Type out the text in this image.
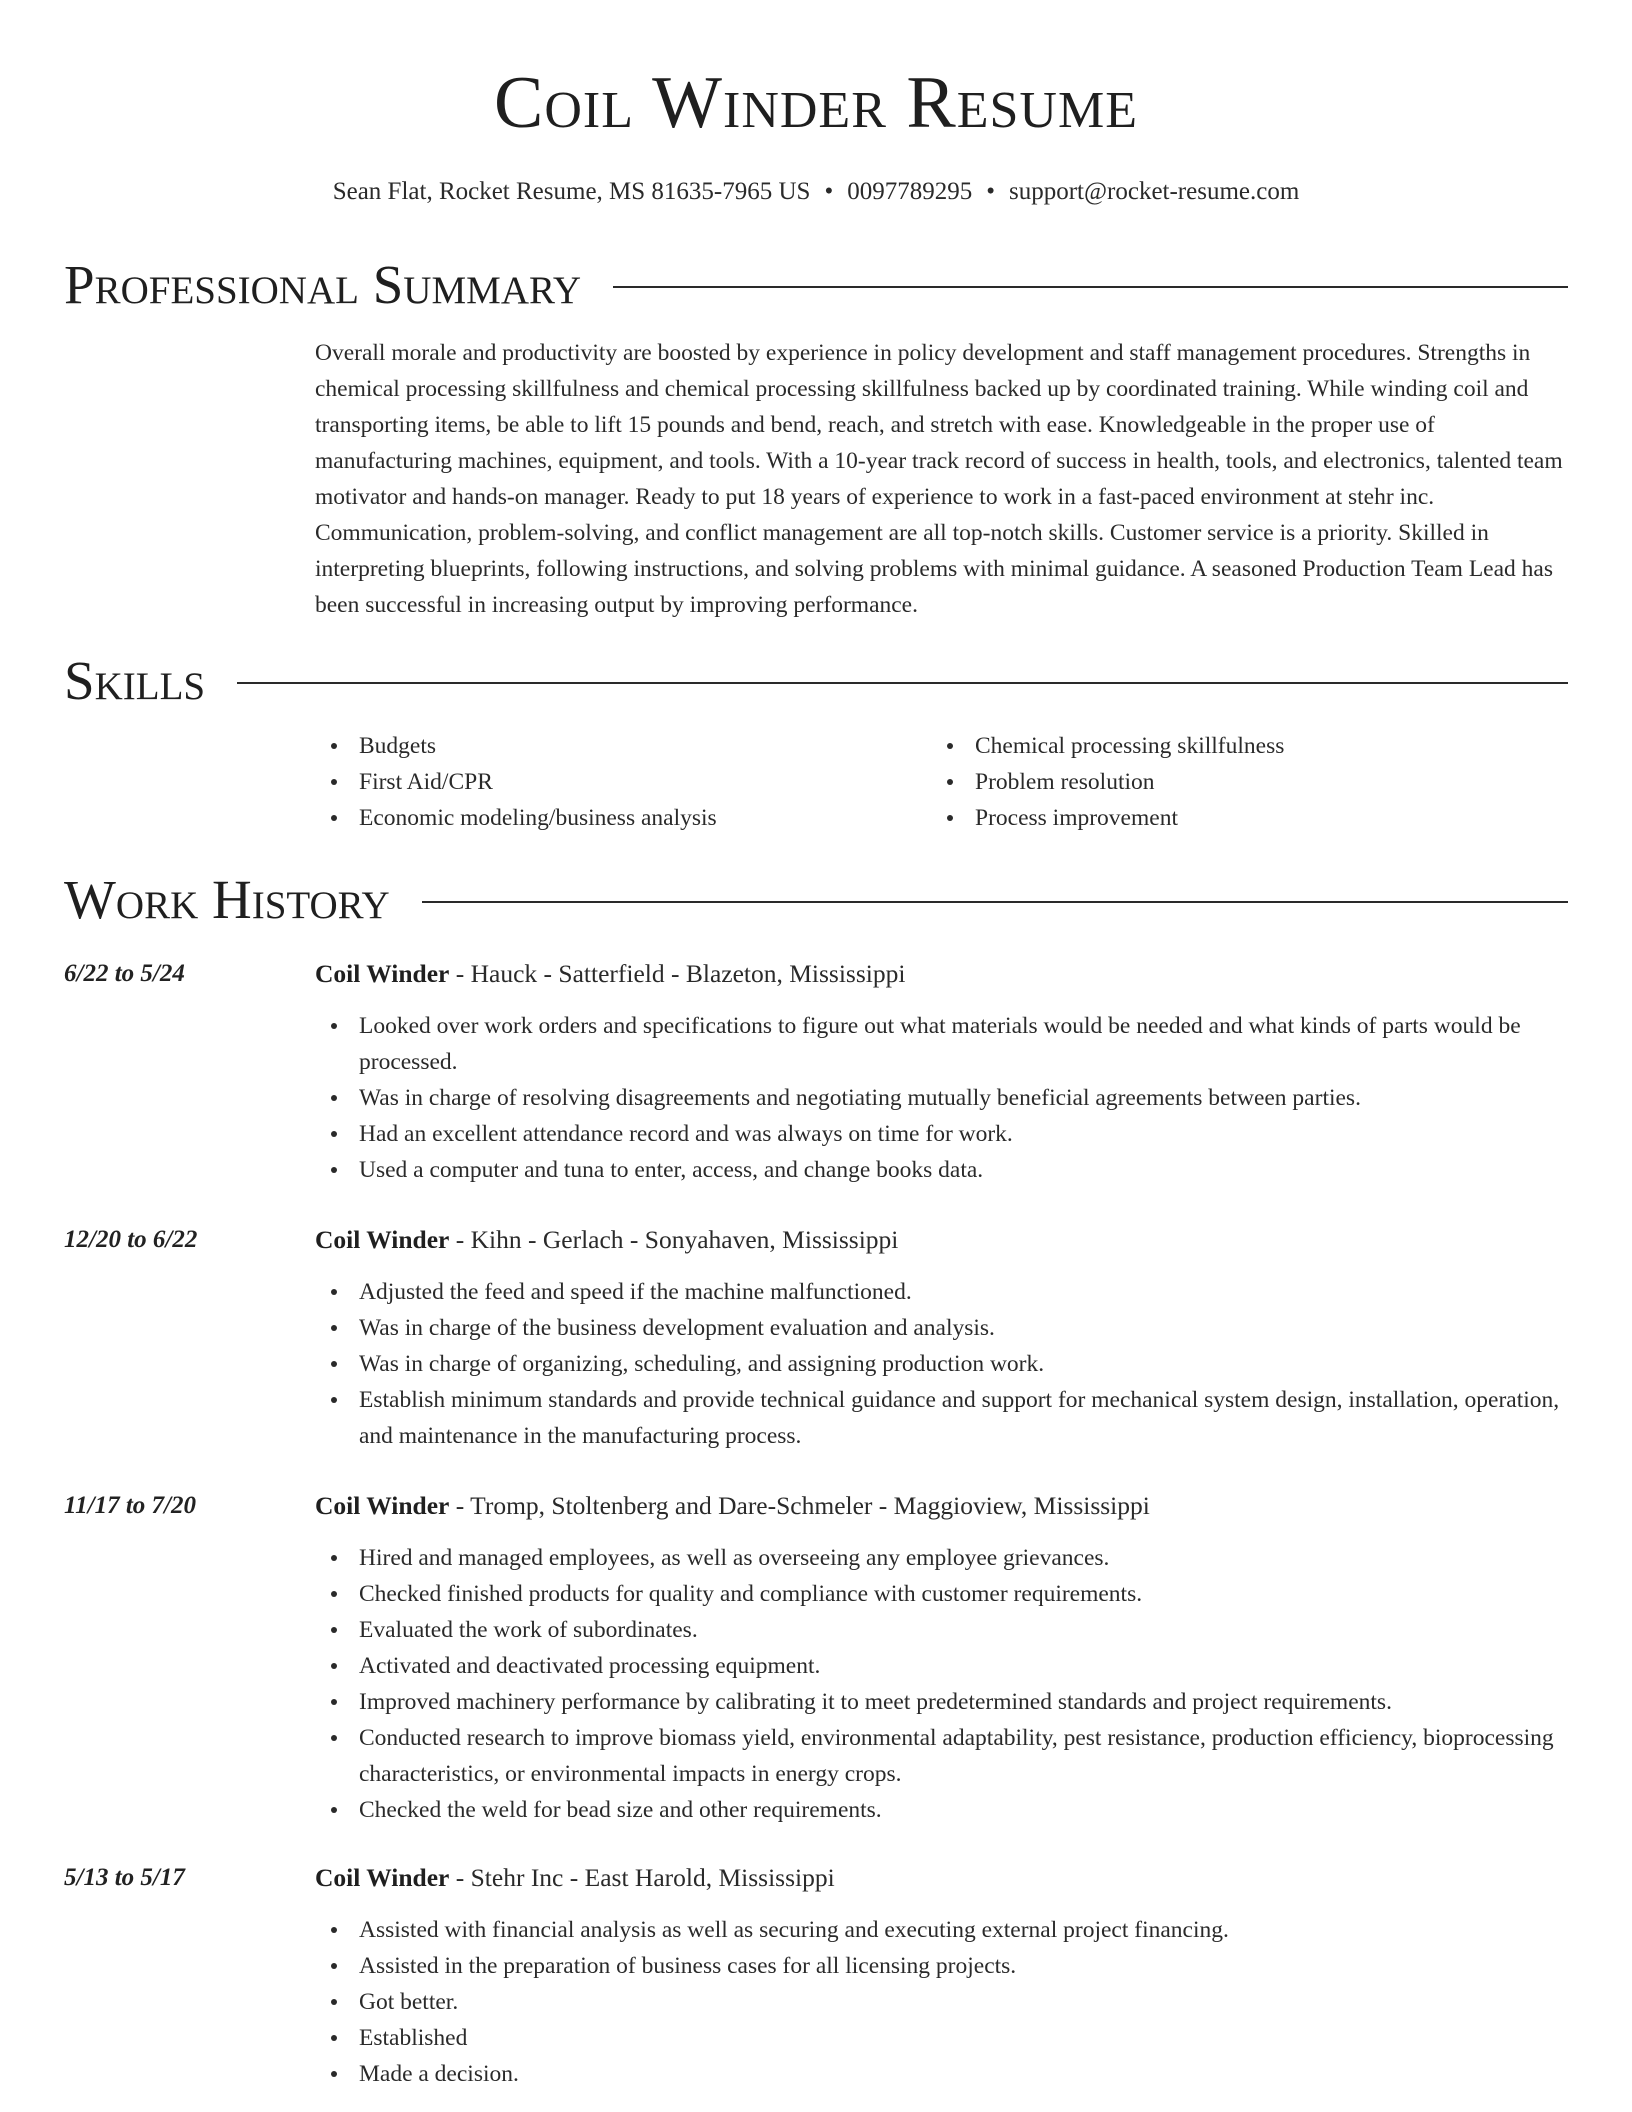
Coil Winder Resume
Sean Flat, Rocket Resume, MS 81635-7965 US • 0097789295 • support@rocket-resume.com
Professional Summary
Overall morale and productivity are boosted by experience in policy development and staff management procedures. Strengths in chemical processing skillfulness and chemical processing skillfulness backed up by coordinated training. While winding coil and transporting items, be able to lift 15 pounds and bend, reach, and stretch with ease. Knowledgeable in the proper use of manufacturing machines, equipment, and tools. With a 10-year track record of success in health, tools, and electronics, talented team motivator and hands-on manager. Ready to put 18 years of experience to work in a fast-paced environment at stehr inc. Communication, problem-solving, and conflict management are all top-notch skills. Customer service is a priority. Skilled in interpreting blueprints, following instructions, and solving problems with minimal guidance. A seasoned Production Team Lead has been successful in increasing output by improving performance.
Skills
Budgets
First Aid/CPR
Economic modeling/business analysis
Chemical processing skillfulness
Problem resolution
Process improvement
Work History
6/22 to 5/24	Coil Winder - Hauck - Satterfield - Blazeton, Mississippi
Looked over work orders and specifications to figure out what materials would be needed and what kinds of parts would be processed.
Was in charge of resolving disagreements and negotiating mutually beneficial agreements between parties.
Had an excellent attendance record and was always on time for work.
Used a computer and tuna to enter, access, and change books data.
12/20 to 6/22	Coil Winder - Kihn - Gerlach - Sonyahaven, Mississippi
Adjusted the feed and speed if the machine malfunctioned.
Was in charge of the business development evaluation and analysis.
Was in charge of organizing, scheduling, and assigning production work.
Establish minimum standards and provide technical guidance and support for mechanical system design, installation, operation, and maintenance in the manufacturing process.
11/17 to 7/20	Coil Winder - Tromp, Stoltenberg and Dare-Schmeler - Maggioview, Mississippi
Hired and managed employees, as well as overseeing any employee grievances.
Checked finished products for quality and compliance with customer requirements.
Evaluated the work of subordinates.
Activated and deactivated processing equipment.
Improved machinery performance by calibrating it to meet predetermined standards and project requirements.
Conducted research to improve biomass yield, environmental adaptability, pest resistance, production efficiency, bioprocessing characteristics, or environmental impacts in energy crops.
Checked the weld for bead size and other requirements.
5/13 to 5/17	Coil Winder - Stehr Inc - East Harold, Mississippi
Assisted with financial analysis as well as securing and executing external project financing.
Assisted in the preparation of business cases for all licensing projects.
Got better.
Established
Made a decision.
